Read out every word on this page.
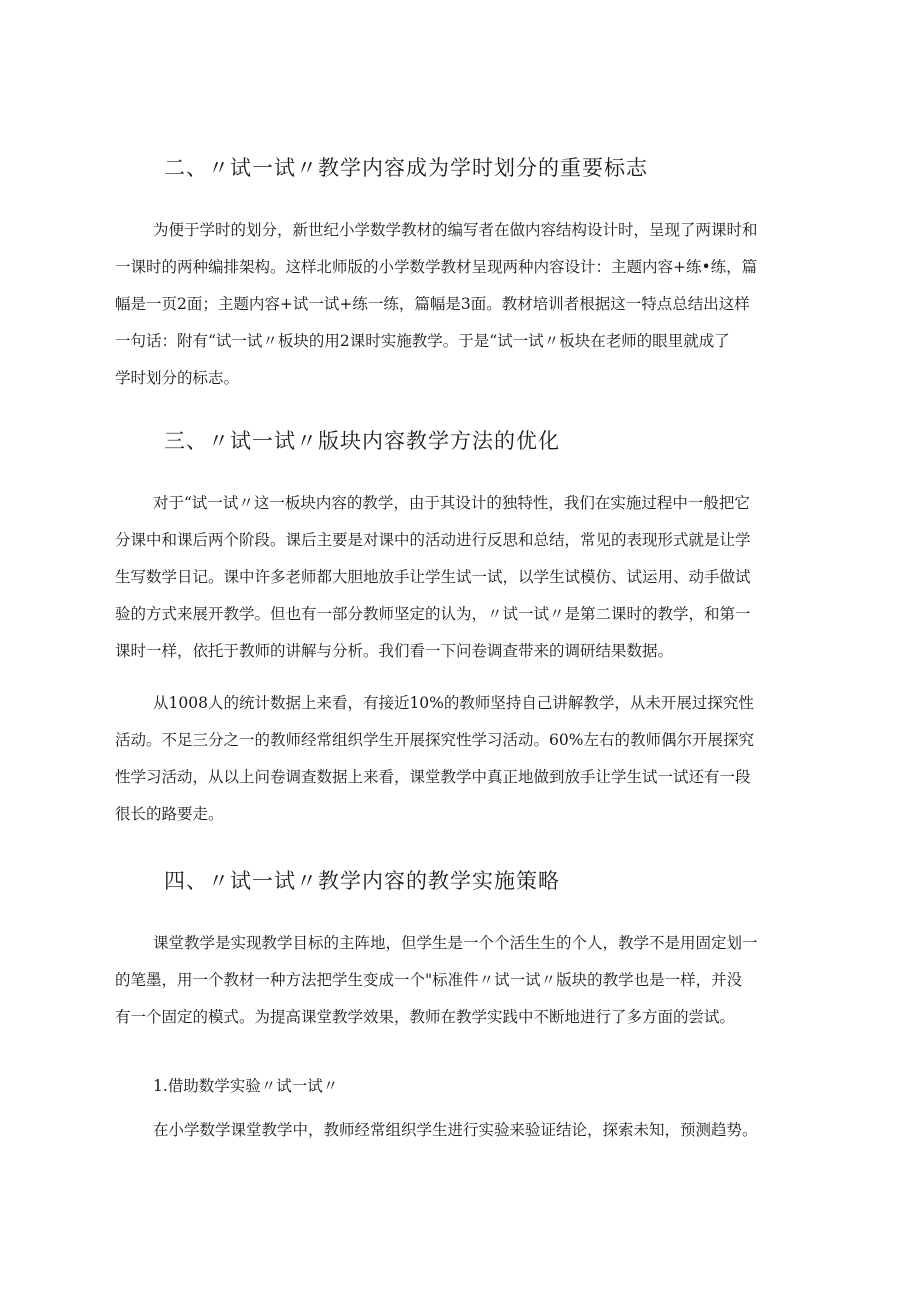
二、〃试一试〃教学内容成为学时划分的重要标志
为便于学时的划分，新世纪小学数学教材的编写者在做内容结构设计时，呈现了两课时和
一课时的两种编排架构。这样北师版的小学数学教材呈现两种内容设计：主题内容+练•练，篇
幅是一页2面；主题内容+试一试+练一练，篇幅是3面。教材培训者根据这一特点总结出这样
一句话：附有“试一试〃板块的用2课时实施教学。于是“试一试〃板块在老师的眼里就成了
学时划分的标志。
三、〃试一试〃版块内容教学方法的优化
对于“试一试〃这一板块内容的教学，由于其设计的独特性，我们在实施过程中一般把它
分课中和课后两个阶段。课后主要是对课中的活动进行反思和总结，常见的表现形式就是让学
生写数学日记。课中许多老师都大胆地放手让学生试一试，以学生试模仿、试运用、动手做试
验的方式来展开教学。但也有一部分教师坚定的认为，〃试一试〃是第二课时的教学，和第一
课时一样，依托于教师的讲解与分析。我们看一下问卷调查带来的调研结果数据。
从1008人的统计数据上来看，有接近10%的教师坚持自己讲解教学，从未开展过探究性
活动。不足三分之一的教师经常组织学生开展探究性学习活动。60%左右的教师偶尔开展探究
性学习活动，从以上问卷调查数据上来看，课堂教学中真正地做到放手让学生试一试还有一段
很长的路要走。
四、〃试一试〃教学内容的教学实施策略
课堂教学是实现教学目标的主阵地，但学生是一个个活生生的个人，教学不是用固定划一
的笔墨，用一个教材一种方法把学生变成一个"标准件〃试一试〃版块的教学也是一样，并没
有一个固定的模式。为提高课堂教学效果，教师在教学实践中不断地进行了多方面的尝试。
1.借助数学实验〃试一试〃
在小学数学课堂教学中，教师经常组织学生进行实验来验证结论，探索未知，预测趋势。
